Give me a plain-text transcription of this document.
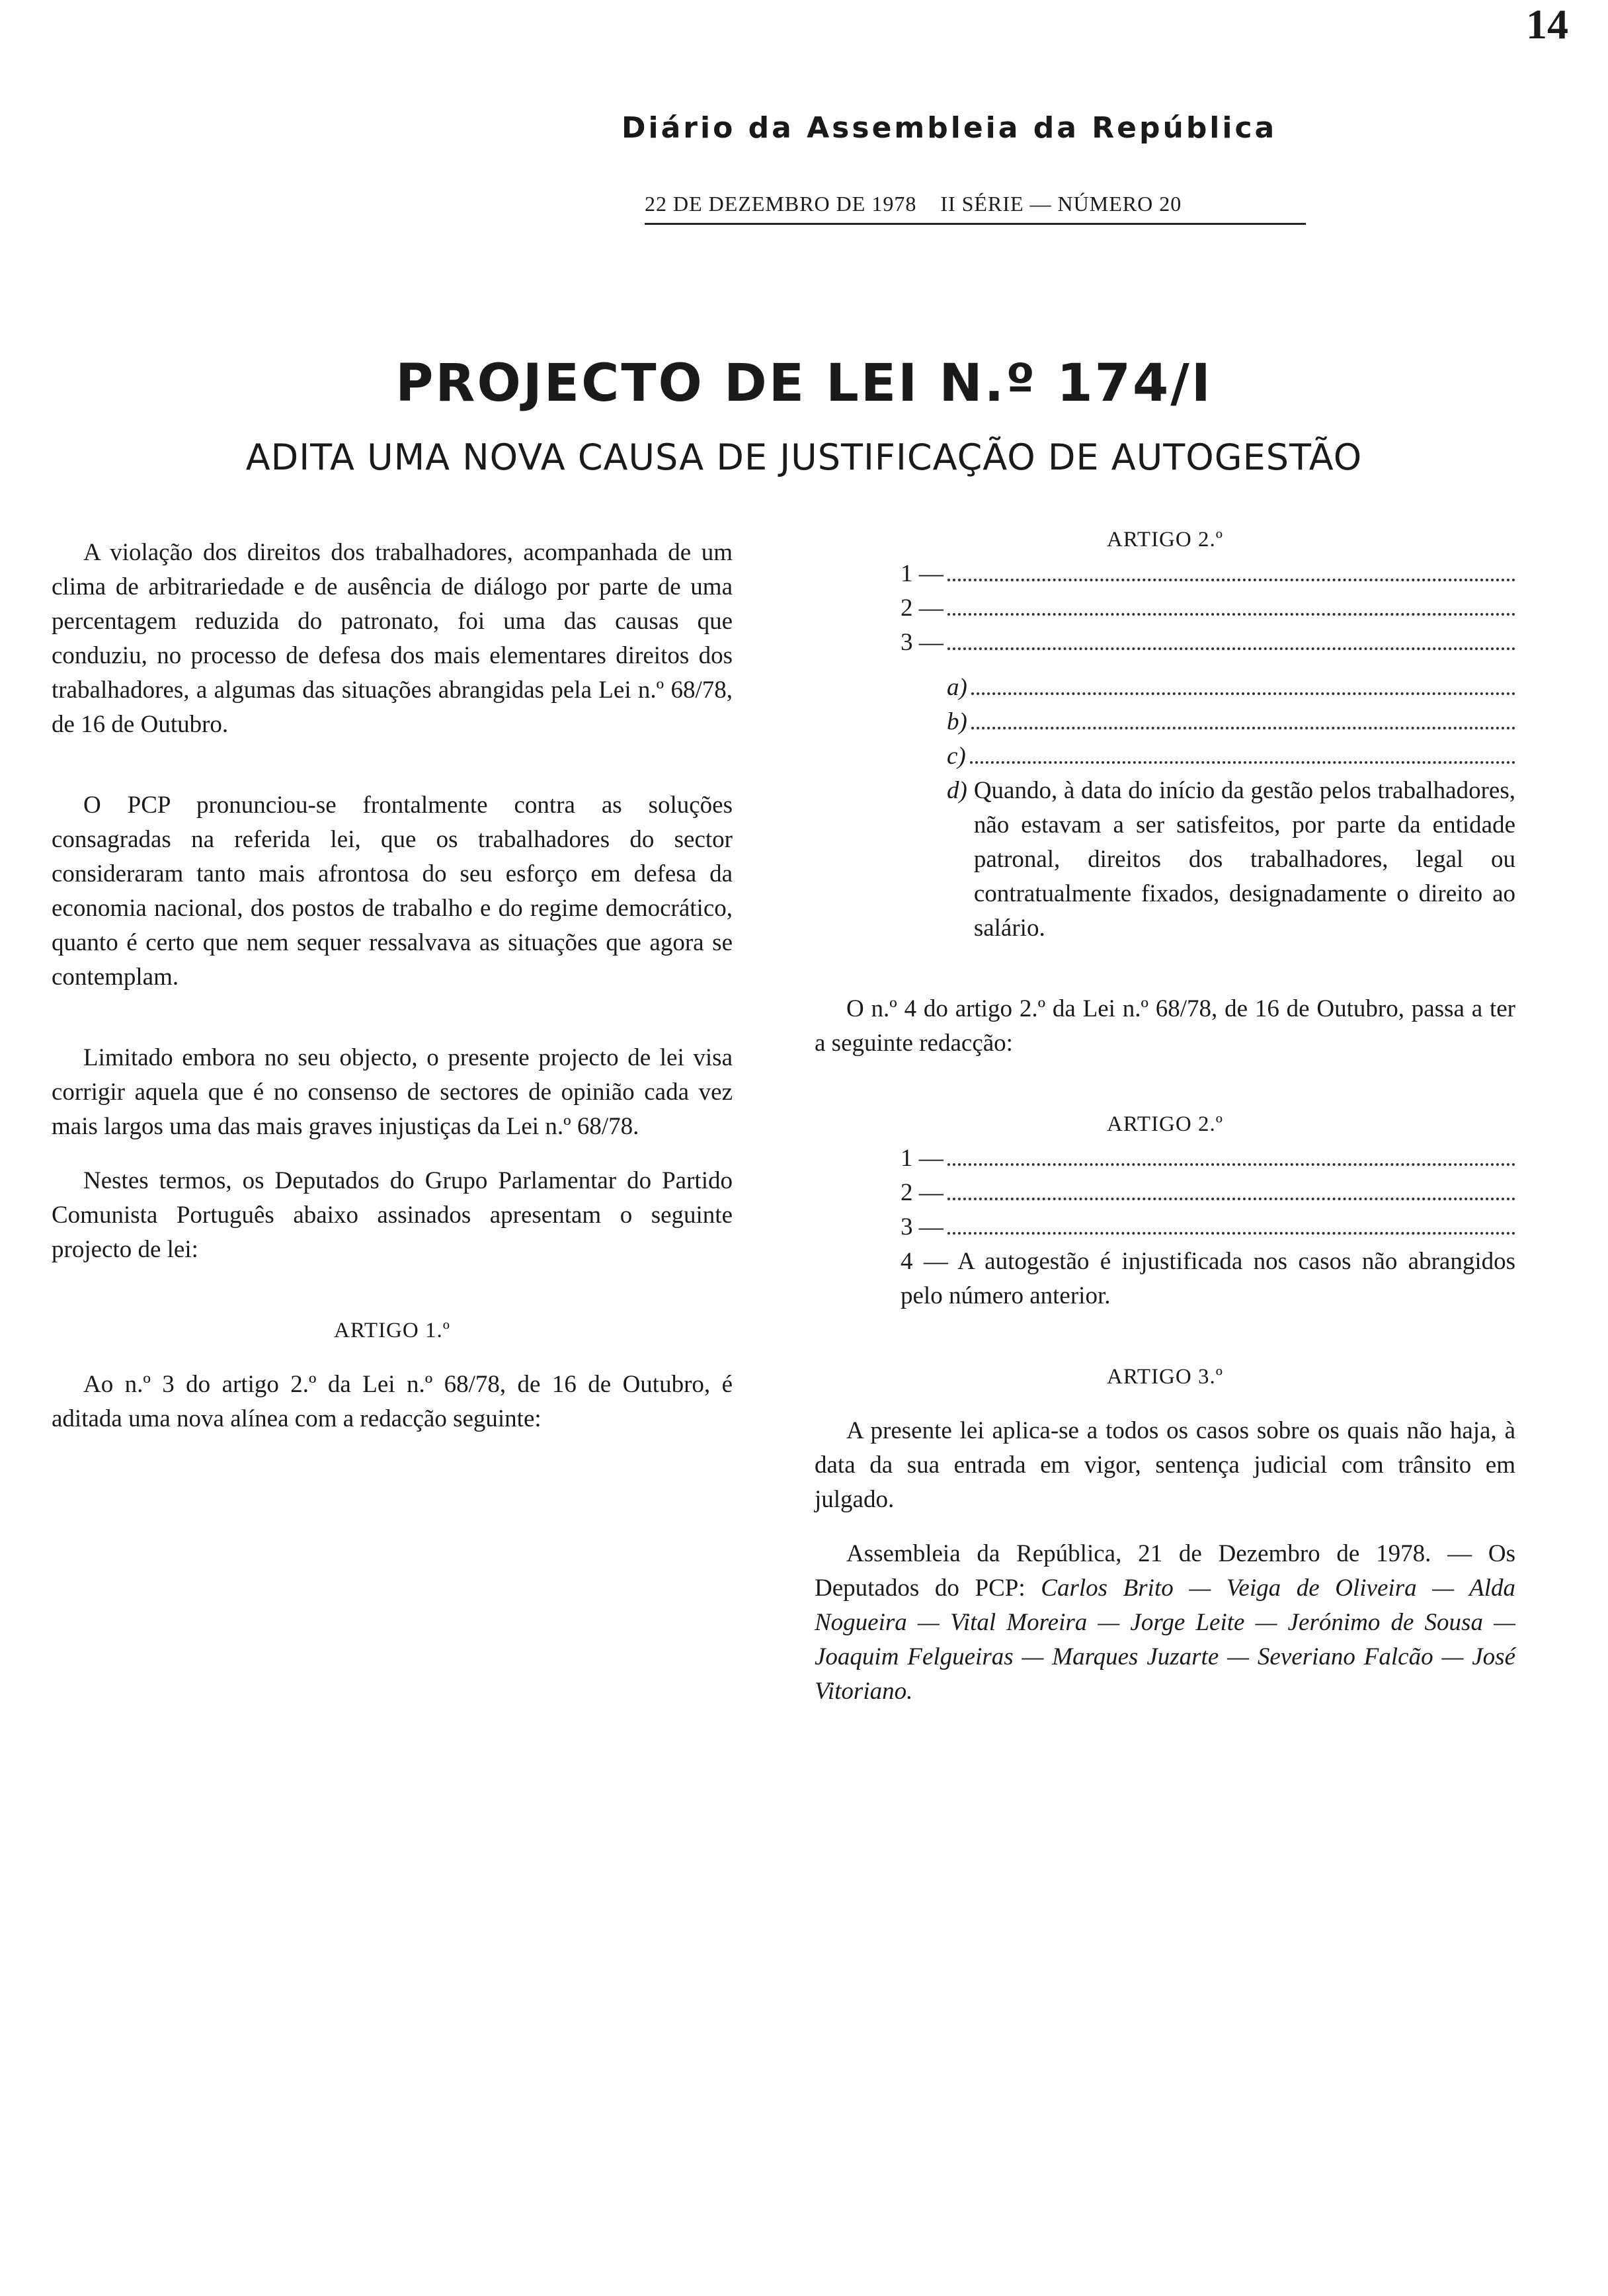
14
Diário da Assembleia da República
22 DE DEZEMBRO DE 1978 II SÉRIE — NÚMERO 20
PROJECTO DE LEI N.º 174/I
ADITA UMA NOVA CAUSA DE JUSTIFICAÇÃO DE AUTOGESTÃO

A violação dos direitos dos trabalhadores, acompanhada de um clima de arbitrariedade e de ausência de diálogo por parte de uma percentagem reduzida do patronato, foi uma das causas que conduziu, no processo de defesa dos mais elementares direitos dos trabalhadores, a algumas das situações abrangidas pela Lei n.º 68/78, de 16 de Outubro.

O PCP pronunciou-se frontalmente contra as soluções consagradas na referida lei, que os trabalhadores do sector consideraram tanto mais afrontosa do seu esforço em defesa da economia nacional, dos postos de trabalho e do regime democrático, quanto é certo que nem sequer ressalvava as situações que agora se contemplam.

Limitado embora no seu objecto, o presente projecto de lei visa corrigir aquela que é no consenso de sectores de opinião cada vez mais largos uma das mais graves injustiças da Lei n.º 68/78.

Nestes termos, os Deputados do Grupo Parlamentar do Partido Comunista Português abaixo assinados apresentam o seguinte projecto de lei:

ARTIGO 1.º

Ao n.º 3 do artigo 2.º da Lei n.º 68/78, de 16 de Outubro, é aditada uma nova alínea com a redacção seguinte:

ARTIGO 2.º
1 —
2 —
3 —
a)
b)
c)
d) Quando, à data do início da gestão pelos trabalhadores, não estavam a ser satisfeitos, por parte da entidade patronal, direitos dos trabalhadores, legal ou contratualmente fixados, designadamente o direito ao salário.

O n.º 4 do artigo 2.º da Lei n.º 68/78, de 16 de Outubro, passa a ter a seguinte redacção:

ARTIGO 2.º
1 —
2 —
3 —
4 — A autogestão é injustificada nos casos não abrangidos pelo número anterior.
ARTIGO 3.º

A presente lei aplica-se a todos os casos sobre os quais não haja, à data da sua entrada em vigor, sentença judicial com trânsito em julgado.

Assembleia da República, 21 de Dezembro de 1978. — Os Deputados do PCP: Carlos Brito — Veiga de Oliveira — Alda Nogueira — Vital Moreira — Jorge Leite — Jerónimo de Sousa — Joaquim Felgueiras — Marques Juzarte — Severiano Falcão — José Vitoriano.
